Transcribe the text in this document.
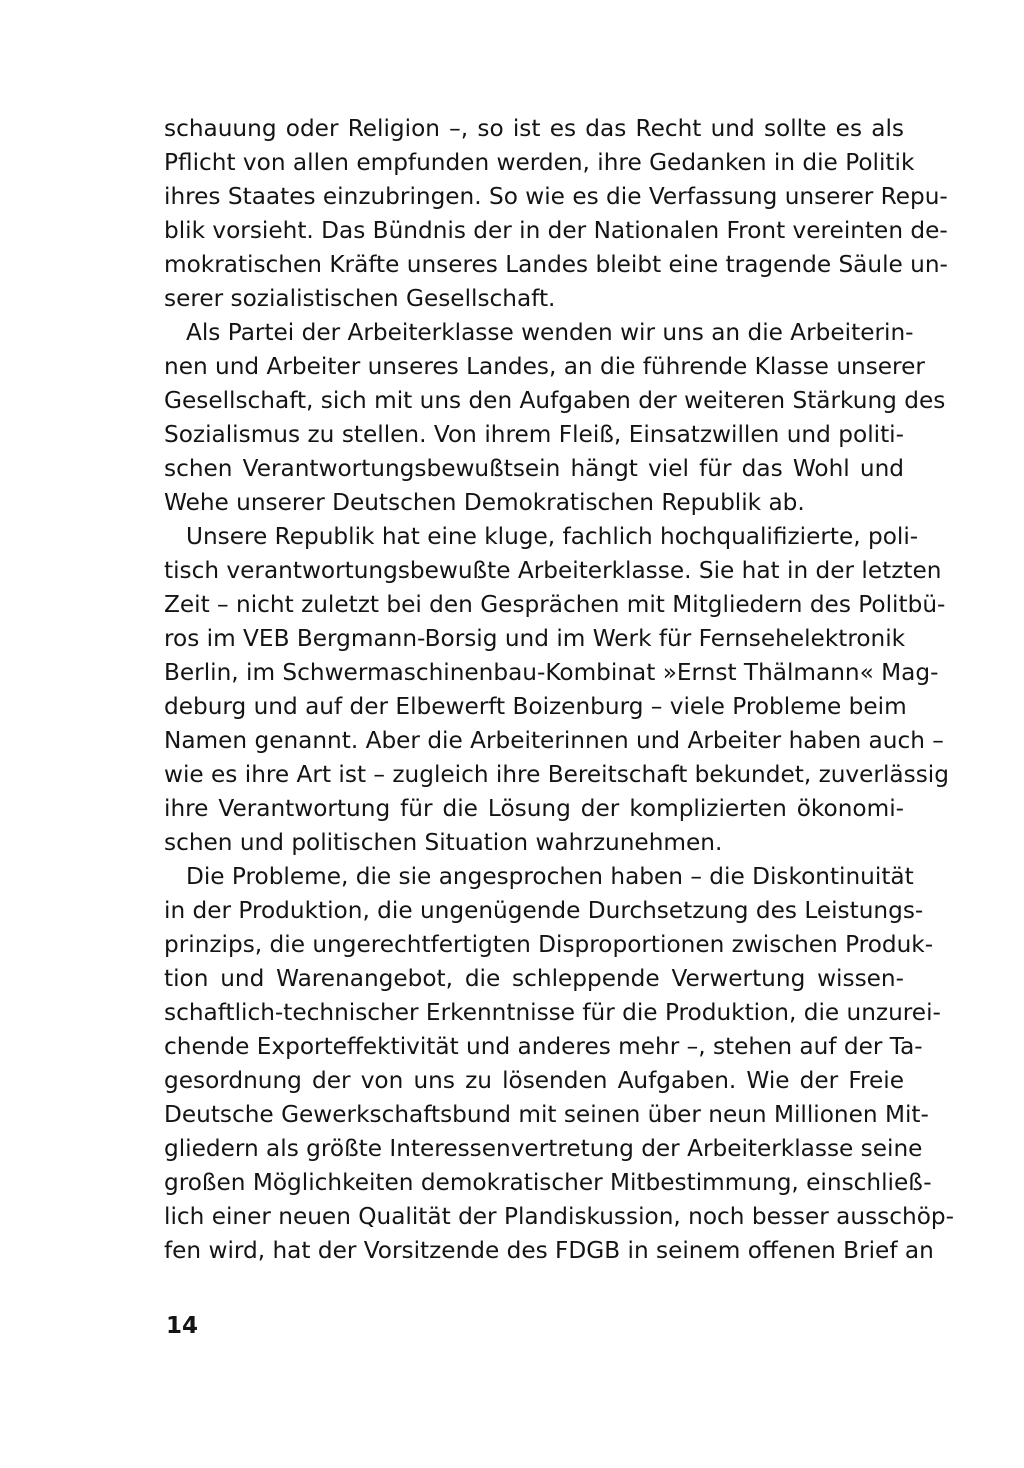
schauung oder Religion –, so ist es das Recht und sollte es als
Pflicht von allen empfunden werden, ihre Gedanken in die Politik
ihres Staates einzubringen. So wie es die Verfassung unserer Repu-
blik vorsieht. Das Bündnis der in der Nationalen Front vereinten de-
mokratischen Kräfte unseres Landes bleibt eine tragende Säule un-
serer sozialistischen Gesellschaft.

Als Partei der Arbeiterklasse wenden wir uns an die Arbeiterin-
nen und Arbeiter unseres Landes, an die führende Klasse unserer
Gesellschaft, sich mit uns den Aufgaben der weiteren Stärkung des
Sozialismus zu stellen. Von ihrem Fleiß, Einsatzwillen und politi-
schen Verantwortungsbewußtsein hängt viel für das Wohl und
Wehe unserer Deutschen Demokratischen Republik ab.

Unsere Republik hat eine kluge, fachlich hochqualifizierte, poli-
tisch verantwortungsbewußte Arbeiterklasse. Sie hat in der letzten
Zeit – nicht zuletzt bei den Gesprächen mit Mitgliedern des Politbü-
ros im VEB Bergmann-Borsig und im Werk für Fernsehelektronik
Berlin, im Schwermaschinenbau-Kombinat »Ernst Thälmann« Mag-
deburg und auf der Elbewerft Boizenburg – viele Probleme beim
Namen genannt. Aber die Arbeiterinnen und Arbeiter haben auch –
wie es ihre Art ist – zugleich ihre Bereitschaft bekundet, zuverlässig
ihre Verantwortung für die Lösung der komplizierten ökonomi-
schen und politischen Situation wahrzunehmen.

Die Probleme, die sie angesprochen haben – die Diskontinuität
in der Produktion, die ungenügende Durchsetzung des Leistungs-
prinzips, die ungerechtfertigten Disproportionen zwischen Produk-
tion und Warenangebot, die schleppende Verwertung wissen-
schaftlich-technischer Erkenntnisse für die Produktion, die unzurei-
chende Exporteffektivität und anderes mehr –, stehen auf der Ta-
gesordnung der von uns zu lösenden Aufgaben. Wie der Freie
Deutsche Gewerkschaftsbund mit seinen über neun Millionen Mit-
gliedern als größte Interessenvertretung der Arbeiterklasse seine
großen Möglichkeiten demokratischer Mitbestimmung, einschließ-
lich einer neuen Qualität der Plandiskussion, noch besser ausschöp-
fen wird, hat der Vorsitzende des FDGB in seinem offenen Brief an

14
